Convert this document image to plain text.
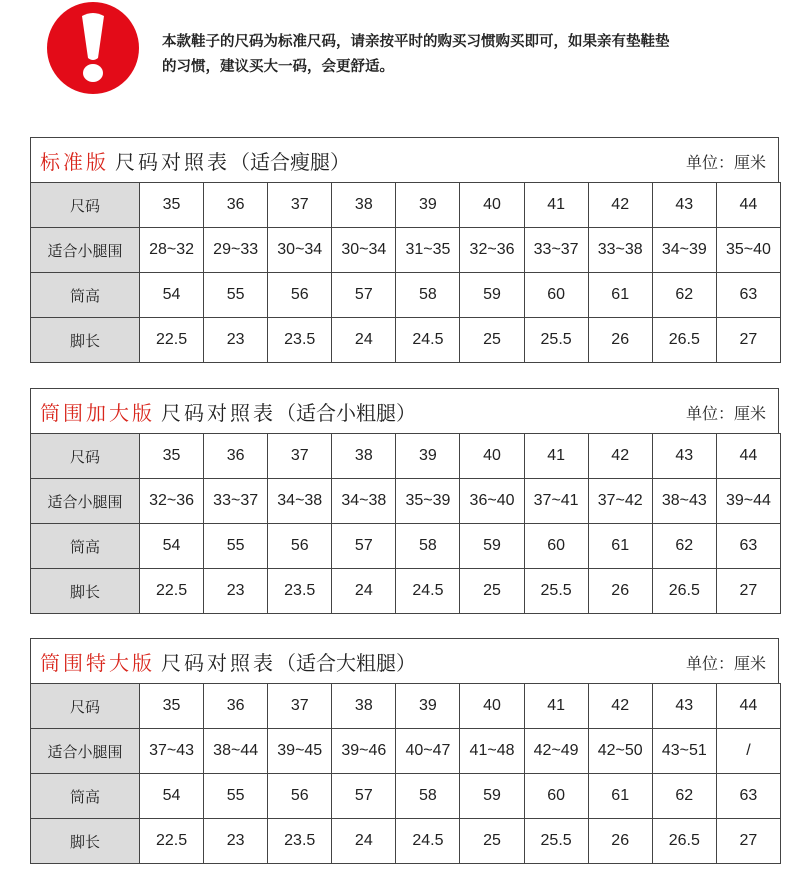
本款鞋子的尺码为标准尺码，请亲按平时的购买习惯购买即可，如果亲有垫鞋垫
的习惯，建议买大一码，会更舒适。
标准版 尺码对照表（适合瘦腿）	单位：厘米
尺码	35	36	37	38	39	40	41	42	43	44
适合小腿围	28~32	29~33	30~34	30~34	31~35	32~36	33~37	33~38	34~39	35~40
筒高	54	55	56	57	58	59	60	61	62	63
脚长	22.5	23	23.5	24	24.5	25	25.5	26	26.5	27
筒围加大版 尺码对照表（适合小粗腿）	单位：厘米
尺码	35	36	37	38	39	40	41	42	43	44
适合小腿围	32~36	33~37	34~38	34~38	35~39	36~40	37~41	37~42	38~43	39~44
筒高	54	55	56	57	58	59	60	61	62	63
脚长	22.5	23	23.5	24	24.5	25	25.5	26	26.5	27
筒围特大版 尺码对照表（适合大粗腿）	单位：厘米
尺码	35	36	37	38	39	40	41	42	43	44
适合小腿围	37~43	38~44	39~45	39~46	40~47	41~48	42~49	42~50	43~51	/
筒高	54	55	56	57	58	59	60	61	62	63
脚长	22.5	23	23.5	24	24.5	25	25.5	26	26.5	27
